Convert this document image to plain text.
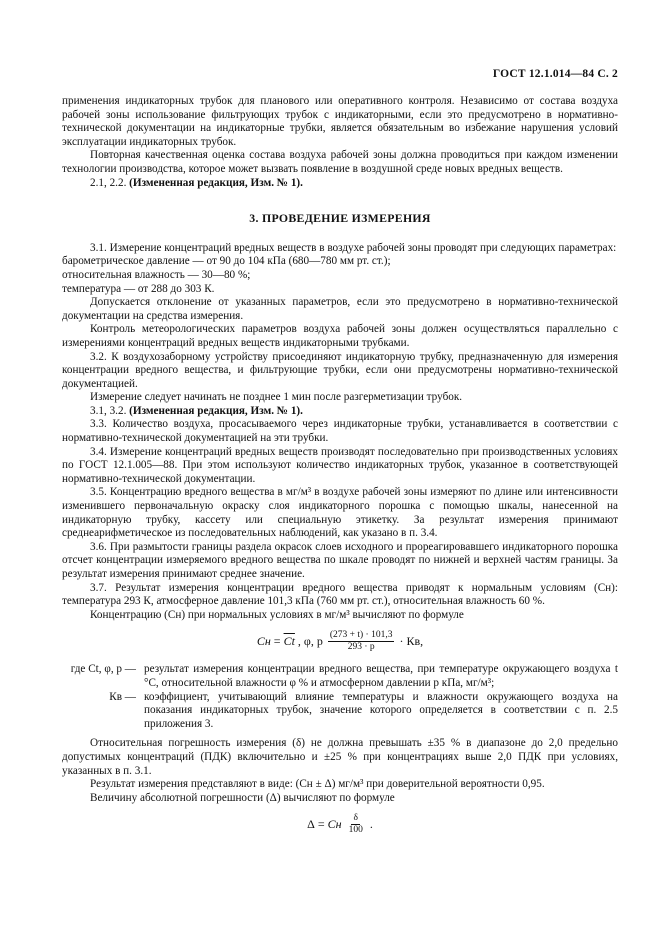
ГОСТ 12.1.014—84 С. 2

применения индикаторных трубок для планового или оперативного контроля. Независимо от состава воздуха рабочей зоны использование фильтрующих трубок с индикаторными, если это предусмотрено в нормативно-технической документации на индикаторные трубки, является обязательным во избежание нарушения условий эксплуатации индикаторных трубок.

Повторная качественная оценка состава воздуха рабочей зоны должна проводиться при каждом изменении технологии производства, которое может вызвать появление в воздушной среде новых вредных веществ.

2.1, 2.2. (Измененная редакция, Изм. № 1).

3. ПРОВЕДЕНИЕ ИЗМЕРЕНИЯ

3.1. Измерение концентраций вредных веществ в воздухе рабочей зоны проводят при следующих параметрах:

барометрическое давление — от 90 до 104 кПа (680—780 мм рт. ст.);

относительная влажность — 30—80 %;

температура — от 288 до 303 К.

Допускается отклонение от указанных параметров, если это предусмотрено в нормативно-технической документации на средства измерения.

Контроль метеорологических параметров воздуха рабочей зоны должен осуществляться параллельно с измерениями концентраций вредных веществ индикаторными трубками.

3.2. К воздухозаборному устройству присоединяют индикаторную трубку, предназначенную для измерения концентрации вредного вещества, и фильтрующие трубки, если они предусмотрены нормативно-технической документацией.

Измерение следует начинать не позднее 1 мин после разгерметизации трубок.

3.1, 3.2. (Измененная редакция, Изм. № 1).

3.3. Количество воздуха, просасываемого через индикаторные трубки, устанавливается в соответствии с нормативно-технической документацией на эти трубки.

3.4. Измерение концентраций вредных веществ производят последовательно при производственных условиях по ГОСТ 12.1.005—88. При этом используют количество индикаторных трубок, указанное в соответствующей нормативно-технической документации.

3.5. Концентрацию вредного вещества в мг/м³ в воздухе рабочей зоны измеряют по длине или интенсивности изменившего первоначальную окраску слоя индикаторного порошка с помощью шкалы, нанесенной на индикаторную трубку, кассету или специальную этикетку. За результат измерения принимают среднеарифметическое из последовательных наблюдений, как указано в п. 3.4.

3.6. При размытости границы раздела окрасок слоев исходного и прореагировавшего индикаторного порошка отсчет концентрации измеряемого вредного вещества по шкале проводят по нижней и верхней частям границы. За результат измерения принимают среднее значение.

3.7. Результат измерения концентрации вредного вещества приводят к нормальным условиям (Сн): температура 293 К, атмосферное давление 101,3 кПа (760 мм рт. ст.), относительная влажность 60 %.

Концентрацию (Сн) при нормальных условиях в мг/м³ вычисляют по формуле

Сн = $\overline{Ct}$ , φ, р $\frac{(273 + t) \cdot 101,3}{293 \cdot р}$ · Кв,

где Ct, φ, р — результат измерения концентрации вредного вещества, при температуре окружающего воздуха t °С, относительной влажности φ % и атмосферном давлении р кПа, мг/м³;
Кв — коэффициент, учитывающий влияние температуры и влажности окружающего воздуха на показания индикаторных трубок, значение которого определяется в соответствии с п. 2.5 приложения 3.

Относительная погрешность измерения (δ) не должна превышать ±35 % в диапазоне до 2,0 предельно допустимых концентраций (ПДК) включительно и ±25 % при концентрациях выше 2,0 ПДК при условиях, указанных в п. 3.1.

Результат измерения представляют в виде: (Сн ± Δ) мг/м³ при доверительной вероятности 0,95.

Величину абсолютной погрешности (Δ) вычисляют по формуле

Δ = Сн $\frac{\delta}{100}$ .
